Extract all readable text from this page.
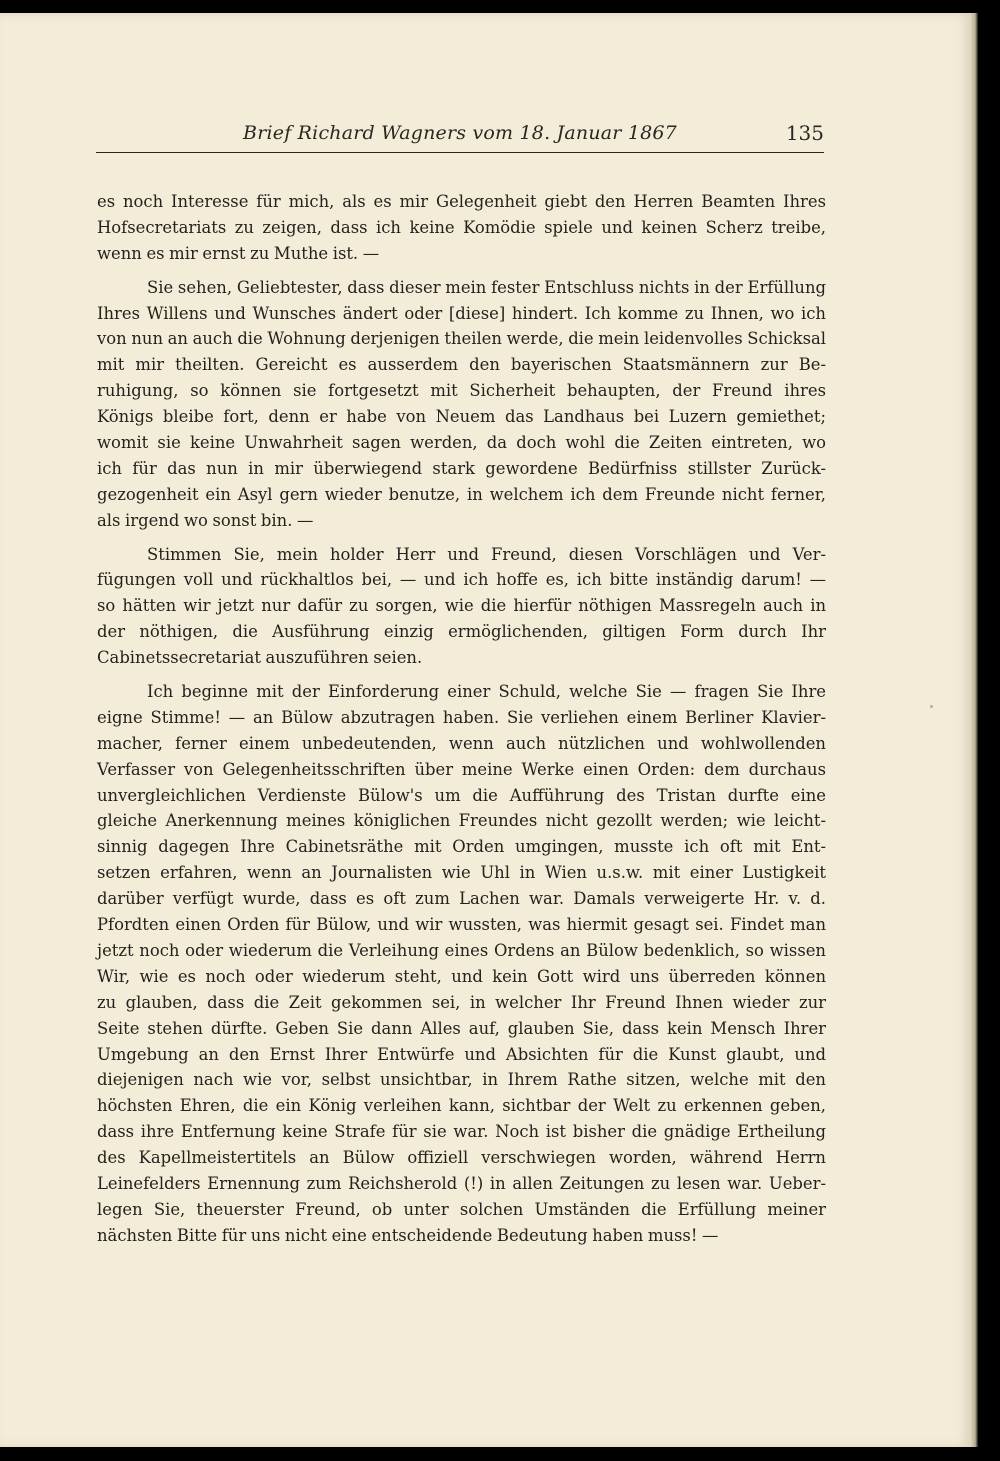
Brief Richard Wagners vom 18. Januar 1867	135
es noch Interesse für mich, als es mir Gelegenheit giebt den Herren Beamten Ihres
Hofsecretariats zu zeigen, dass ich keine Komödie spiele und keinen Scherz treibe,
wenn es mir ernst zu Muthe ist. —
Sie sehen, Geliebtester, dass dieser mein fester Entschluss nichts in der Erfüllung
Ihres Willens und Wunsches ändert oder [diese] hindert. Ich komme zu Ihnen, wo ich
von nun an auch die Wohnung derjenigen theilen werde, die mein leidenvolles Schicksal
mit mir theilten. Gereicht es ausserdem den bayerischen Staatsmännern zur Be-
ruhigung, so können sie fortgesetzt mit Sicherheit behaupten, der Freund ihres
Königs bleibe fort, denn er habe von Neuem das Landhaus bei Luzern gemiethet;
womit sie keine Unwahrheit sagen werden, da doch wohl die Zeiten eintreten, wo
ich für das nun in mir überwiegend stark gewordene Bedürfniss stillster Zurück-
gezogenheit ein Asyl gern wieder benutze, in welchem ich dem Freunde nicht ferner,
als irgend wo sonst bin. —
Stimmen Sie, mein holder Herr und Freund, diesen Vorschlägen und Ver-
fügungen voll und rückhaltlos bei, — und ich hoffe es, ich bitte inständig darum! —
so hätten wir jetzt nur dafür zu sorgen, wie die hierfür nöthigen Massregeln auch in
der nöthigen, die Ausführung einzig ermöglichenden, giltigen Form durch Ihr
Cabinetssecretariat auszuführen seien.
Ich beginne mit der Einforderung einer Schuld, welche Sie — fragen Sie Ihre
eigne Stimme! — an Bülow abzutragen haben. Sie verliehen einem Berliner Klavier-
macher, ferner einem unbedeutenden, wenn auch nützlichen und wohlwollenden
Verfasser von Gelegenheitsschriften über meine Werke einen Orden: dem durchaus
unvergleichlichen Verdienste Bülow's um die Aufführung des Tristan durfte eine
gleiche Anerkennung meines königlichen Freundes nicht gezollt werden; wie leicht-
sinnig dagegen Ihre Cabinetsräthe mit Orden umgingen, musste ich oft mit Ent-
setzen erfahren, wenn an Journalisten wie Uhl in Wien u.s.w. mit einer Lustigkeit
darüber verfügt wurde, dass es oft zum Lachen war. Damals verweigerte Hr. v. d.
Pfordten einen Orden für Bülow, und wir wussten, was hiermit gesagt sei. Findet man
jetzt noch oder wiederum die Verleihung eines Ordens an Bülow bedenklich, so wissen
Wir, wie es noch oder wiederum steht, und kein Gott wird uns überreden können
zu glauben, dass die Zeit gekommen sei, in welcher Ihr Freund Ihnen wieder zur
Seite stehen dürfte. Geben Sie dann Alles auf, glauben Sie, dass kein Mensch Ihrer
Umgebung an den Ernst Ihrer Entwürfe und Absichten für die Kunst glaubt, und
diejenigen nach wie vor, selbst unsichtbar, in Ihrem Rathe sitzen, welche mit den
höchsten Ehren, die ein König verleihen kann, sichtbar der Welt zu erkennen geben,
dass ihre Entfernung keine Strafe für sie war. Noch ist bisher die gnädige Ertheilung
des Kapellmeistertitels an Bülow offiziell verschwiegen worden, während Herrn
Leinefelders Ernennung zum Reichsherold (!) in allen Zeitungen zu lesen war. Ueber-
legen Sie, theuerster Freund, ob unter solchen Umständen die Erfüllung meiner
nächsten Bitte für uns nicht eine entscheidende Bedeutung haben muss! —
